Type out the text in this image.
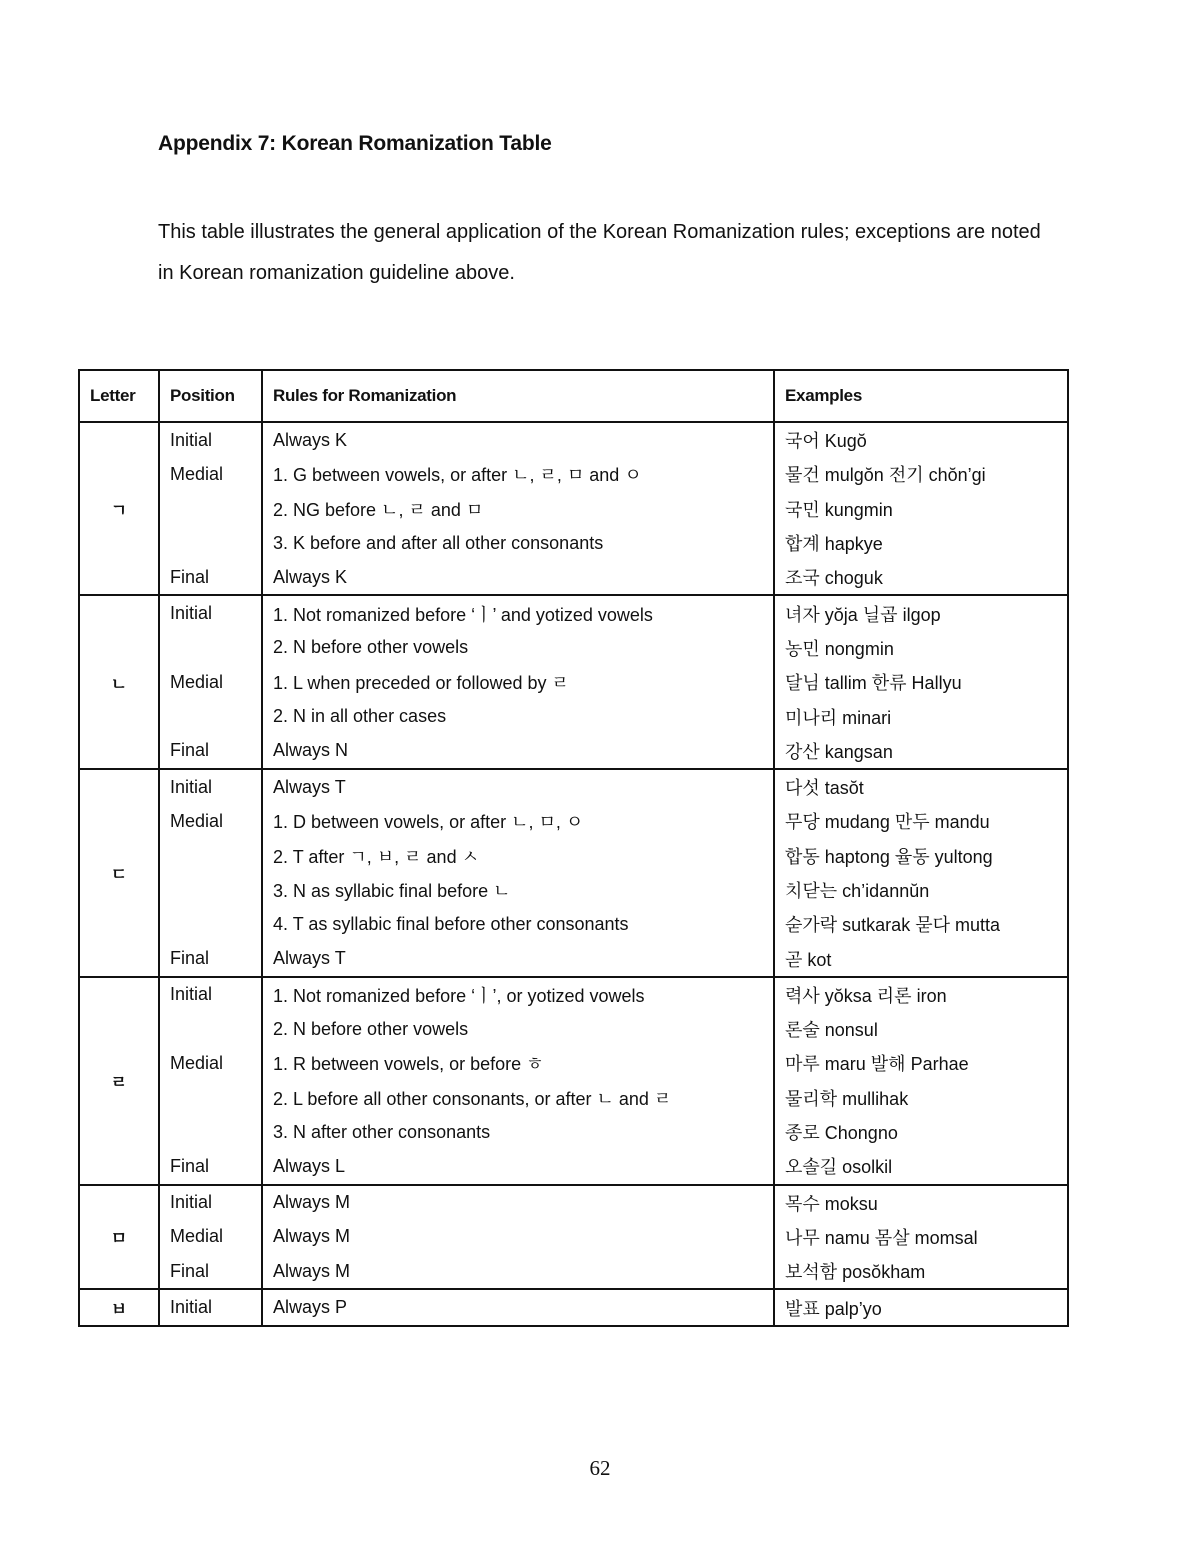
Appendix 7: Korean Romanization Table
This table illustrates the general application of the Korean Romanization rules; exceptions are noted in Korean romanization guideline above.
Letter	Position	Rules for Romanization	Examples
ㄱ	Initial	Always K	국어 Kugŏ
	Medial	1. G between vowels, or after ㄴ, ㄹ, ㅁ and ㅇ	물건 mulgŏn 전기 chŏn’gi
		2. NG before ㄴ, ㄹ and ㅁ	국민 kungmin
		3. K before and after all other consonants	합계 hapkye
	Final	Always K	조국 choguk
ㄴ	Initial	1. Not romanized before ‘ㅣ’ and yotized vowels	녀자 yŏja 닐곱 ilgop
		2. N before other vowels	농민 nongmin
	Medial	1. L when preceded or followed by ㄹ	달님 tallim 한류 Hallyu
		2. N in all other cases	미나리 minari
	Final	Always N	강산 kangsan
ㄷ	Initial	Always T	다섯 tasŏt
	Medial	1. D between vowels, or after ㄴ, ㅁ, ㅇ	무당 mudang 만두 mandu
		2. T after ㄱ, ㅂ, ㄹ and ㅅ	합동 haptong 율동 yultong
		3. N as syllabic final before ㄴ	치닫는 ch’idannŭn
		4. T as syllabic final before other consonants	숟가락 sutkarak 묻다 mutta
	Final	Always T	곧 kot
ㄹ	Initial	1. Not romanized before ‘ㅣ’, or yotized vowels	력사 yŏksa 리론 iron
		2. N before other vowels	론술 nonsul
	Medial	1. R between vowels, or before ㅎ	마루 maru 발해 Parhae
		2. L before all other consonants, or after ㄴ and ㄹ	물리학 mullihak
		3. N after other consonants	종로 Chongno
	Final	Always L	오솔길 osolkil
ㅁ	Initial	Always M	목수 moksu
	Medial	Always M	나무 namu 몸살 momsal
	Final	Always M	보석함 posŏkham
ㅂ	Initial	Always P	발표 palp’yo
62
